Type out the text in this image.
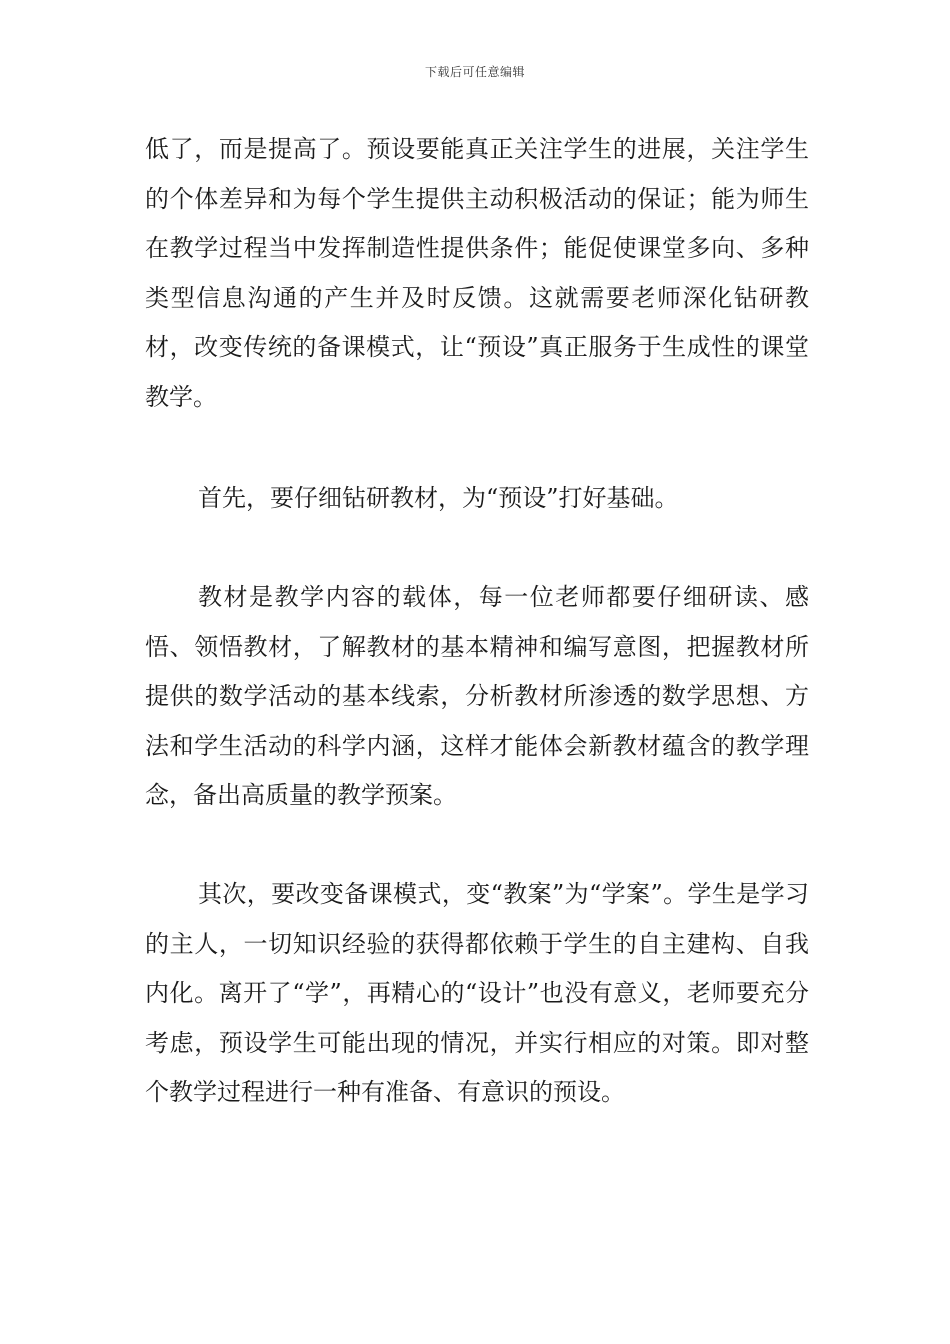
下载后可任意编辑

低了，而是提高了。预设要能真正关注学生的进展，关注学生的个体差异和为每个学生提供主动积极活动的保证；能为师生在教学过程当中发挥制造性提供条件；能促使课堂多向、多种类型信息沟通的产生并及时反馈。这就需要老师深化钻研教材，改变传统的备课模式，让“预设”真正服务于生成性的课堂教学。

首先，要仔细钻研教材，为“预设”打好基础。

教材是教学内容的载体，每一位老师都要仔细研读、感悟、领悟教材，了解教材的基本精神和编写意图，把握教材所提供的数学活动的基本线索，分析教材所渗透的数学思想、方法和学生活动的科学内涵，这样才能体会新教材蕴含的教学理念，备出高质量的教学预案。

其次，要改变备课模式，变“教案”为“学案”。学生是学习的主人，一切知识经验的获得都依赖于学生的自主建构、自我内化。离开了“学”，再精心的“设计”也没有意义，老师要充分考虑，预设学生可能出现的情况，并实行相应的对策。即对整个教学过程进行一种有准备、有意识的预设。
